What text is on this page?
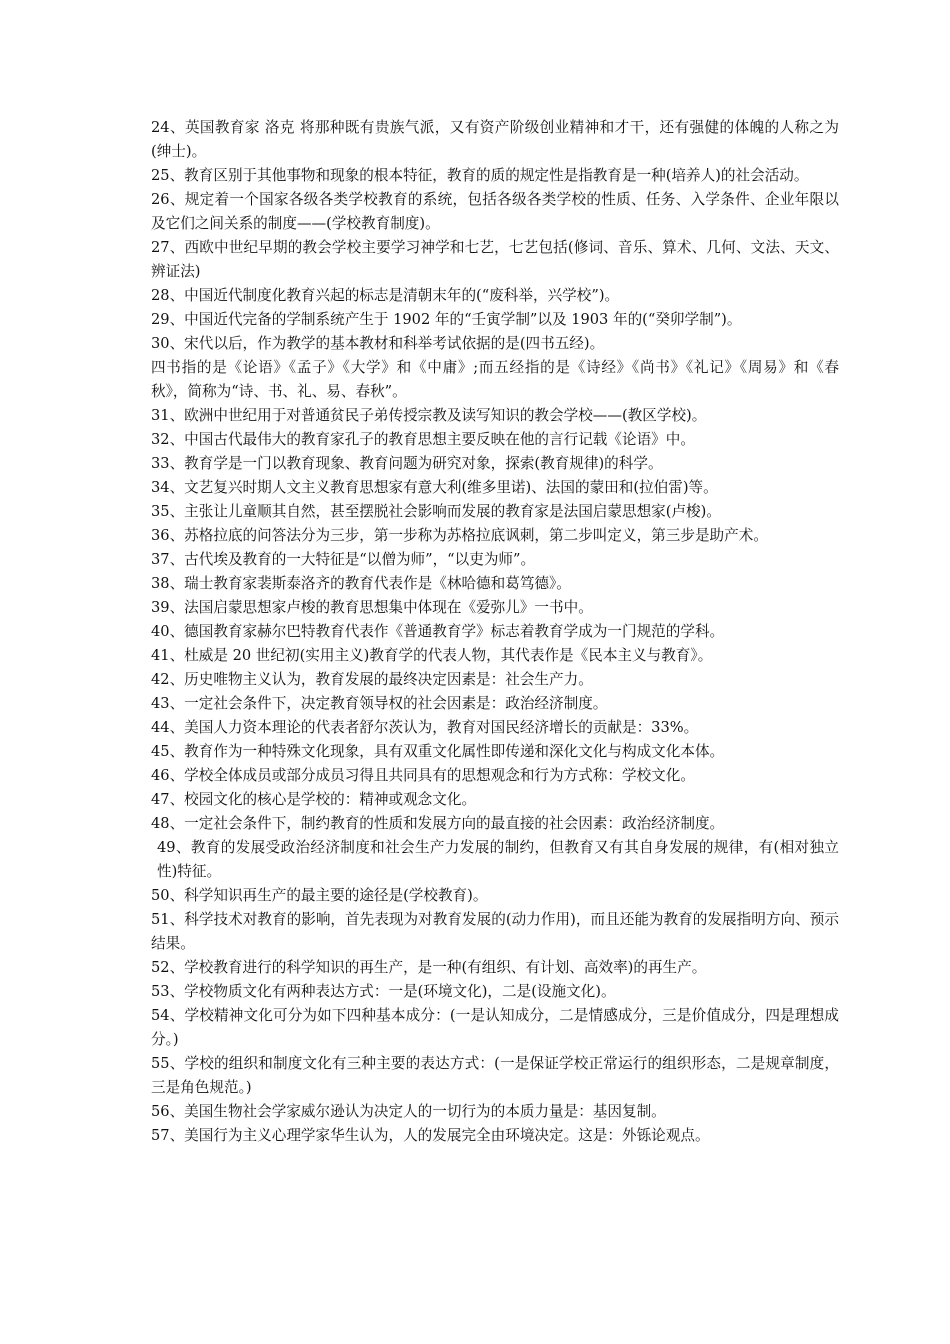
24、英国教育家 洛克 将那种既有贵族气派，又有资产阶级创业精神和才干，还有强健的体魄的人称之为(绅士)。

25、教育区别于其他事物和现象的根本特征，教育的质的规定性是指教育是一种(培养人)的社会活动。

26、规定着一个国家各级各类学校教育的系统，包括各级各类学校的性质、任务、入学条件、企业年限以及它们之间关系的制度——(学校教育制度)。

27、西欧中世纪早期的教会学校主要学习神学和七艺，七艺包括(修词、音乐、算术、几何、文法、天文、辨证法)

28、中国近代制度化教育兴起的标志是清朝末年的(“废科举，兴学校”)。

29、中国近代完备的学制系统产生于 1902 年的“壬寅学制”以及 1903 年的(“癸卯学制”)。

30、宋代以后，作为教学的基本教材和科举考试依据的是(四书五经)。

四书指的是《论语》《孟子》《大学》和《中庸》;而五经指的是《诗经》《尚书》《礼记》《周易》和《春秋》，简称为“诗、书、礼、易、春秋”。

31、欧洲中世纪用于对普通贫民子弟传授宗教及读写知识的教会学校——(教区学校)。

32、中国古代最伟大的教育家孔子的教育思想主要反映在他的言行记载《论语》中。

33、教育学是一门以教育现象、教育问题为研究对象，探索(教育规律)的科学。

34、文艺复兴时期人文主义教育思想家有意大利(维多里诺)、法国的蒙田和(拉伯雷)等。

35、主张让儿童顺其自然，甚至摆脱社会影响而发展的教育家是法国启蒙思想家(卢梭)。

36、苏格拉底的问答法分为三步，第一步称为苏格拉底讽刺，第二步叫定义，第三步是助产术。

37、古代埃及教育的一大特征是“以僧为师”，“以吏为师”。

38、瑞士教育家裴斯泰洛齐的教育代表作是《林哈德和葛笃德》。

39、法国启蒙思想家卢梭的教育思想集中体现在《爱弥儿》一书中。

40、德国教育家赫尔巴特教育代表作《普通教育学》标志着教育学成为一门规范的学科。

41、杜威是 20 世纪初(实用主义)教育学的代表人物，其代表作是《民本主义与教育》。

42、历史唯物主义认为，教育发展的最终决定因素是：社会生产力。

43、一定社会条件下，决定教育领导权的社会因素是：政治经济制度。

44、美国人力资本理论的代表者舒尔茨认为，教育对国民经济增长的贡献是：33%。

45、教育作为一种特殊文化现象，具有双重文化属性即传递和深化文化与构成文化本体。

46、学校全体成员或部分成员习得且共同具有的思想观念和行为方式称：学校文化。

47、校园文化的核心是学校的：精神或观念文化。

48、一定社会条件下，制约教育的性质和发展方向的最直接的社会因素：政治经济制度。

49、教育的发展受政治经济制度和社会生产力发展的制约，但教育又有其自身发展的规律，有(相对独立性)特征。

50、科学知识再生产的最主要的途径是(学校教育)。

51、科学技术对教育的影响，首先表现为对教育发展的(动力作用)，而且还能为教育的发展指明方向、预示结果。

52、学校教育进行的科学知识的再生产，是一种(有组织、有计划、高效率)的再生产。

53、学校物质文化有两种表达方式：一是(环境文化)，二是(设施文化)。

54、学校精神文化可分为如下四种基本成分：(一是认知成分，二是情感成分，三是价值成分，四是理想成分。)

55、学校的组织和制度文化有三种主要的表达方式：(一是保证学校正常运行的组织形态，二是规章制度，三是角色规范。)

56、美国生物社会学家威尔逊认为决定人的一切行为的本质力量是：基因复制。

57、美国行为主义心理学家华生认为，人的发展完全由环境决定。这是：外铄论观点。
